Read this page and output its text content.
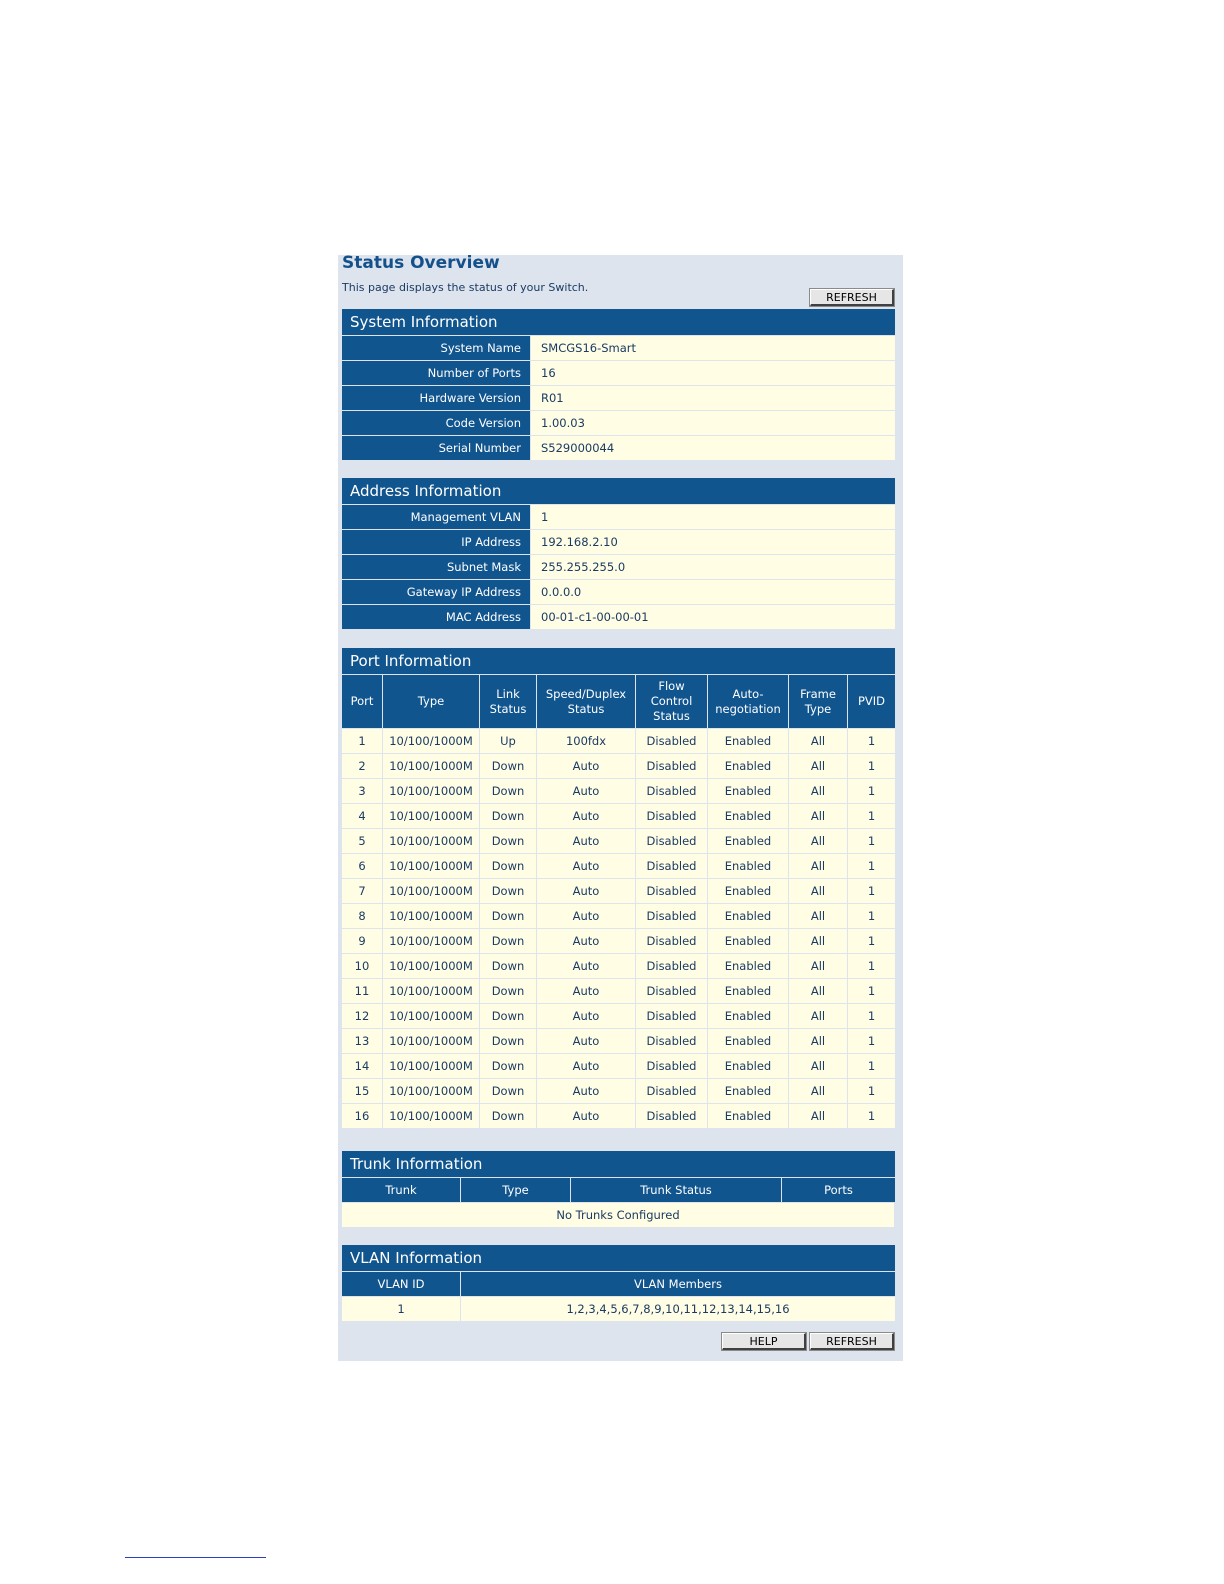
Status Overview
This page displays the status of your Switch.
REFRESH
System Information
System Name	SMCGS16-Smart
Number of Ports	16
Hardware Version	R01
Code Version	1.00.03
Serial Number	S529000044
Address Information
Management VLAN	1
IP Address	192.168.2.10
Subnet Mask	255.255.255.0
Gateway IP Address	0.0.0.0
MAC Address	00-01-c1-00-00-01
Port Information
Port	Type	Link Status	Speed/Duplex Status	Flow Control Status	Auto-negotiation	Frame Type	PVID
1	10/100/1000M	Up	100fdx	Disabled	Enabled	All	1
2	10/100/1000M	Down	Auto	Disabled	Enabled	All	1
3	10/100/1000M	Down	Auto	Disabled	Enabled	All	1
4	10/100/1000M	Down	Auto	Disabled	Enabled	All	1
5	10/100/1000M	Down	Auto	Disabled	Enabled	All	1
6	10/100/1000M	Down	Auto	Disabled	Enabled	All	1
7	10/100/1000M	Down	Auto	Disabled	Enabled	All	1
8	10/100/1000M	Down	Auto	Disabled	Enabled	All	1
9	10/100/1000M	Down	Auto	Disabled	Enabled	All	1
10	10/100/1000M	Down	Auto	Disabled	Enabled	All	1
11	10/100/1000M	Down	Auto	Disabled	Enabled	All	1
12	10/100/1000M	Down	Auto	Disabled	Enabled	All	1
13	10/100/1000M	Down	Auto	Disabled	Enabled	All	1
14	10/100/1000M	Down	Auto	Disabled	Enabled	All	1
15	10/100/1000M	Down	Auto	Disabled	Enabled	All	1
16	10/100/1000M	Down	Auto	Disabled	Enabled	All	1
Trunk Information
Trunk	Type	Trunk Status	Ports
No Trunks Configured
VLAN Information
VLAN ID	VLAN Members
1	1,2,3,4,5,6,7,8,9,10,11,12,13,14,15,16
HELP	REFRESH
